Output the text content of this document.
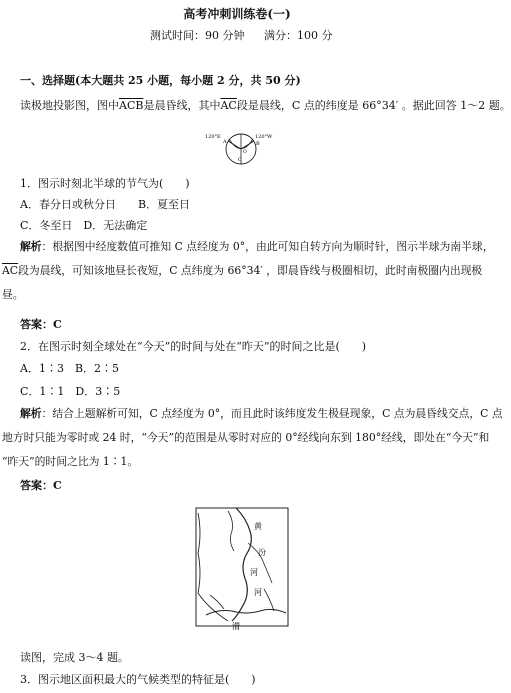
高考冲刺训练卷(一)
测试时间：90 分钟 满分：100 分
一、选择题(本大题共 25 小题，每小题 2 分，共 50 分)
读极地投影图，图中$\overline{ACB}$是晨昏线，其中$\overline{AC}$段是晨线，C 点的纬度是 66°34′ 。据此回答 1～2 题。
120°E	120°W
A	B
C
O
1．图示时刻北半球的节气为(　　)
A．春分日或秋分日　　B．夏至日
C．冬至日　D．无法确定
解析：根据图中经度数值可推知 C 点经度为 0°，由此可知自转方向为顺时针，图示半球为南半球，
$\overline{AC}$段为晨线，可知该地昼长夜短，C 点纬度为 66°34′ ，即晨昏线与极圈相切，此时南极圈内出现极
昼。
答案：C
2．在图示时刻全球处在“今天”的时间与处在“昨天”的时间之比是(　　)
A．1∶3　B．2∶5
C．1∶1　D．3∶5
解析：结合上题解析可知，C 点经度为 0°，而且此时该纬度发生极昼现象，C 点为晨昏线交点，C 点
地方时只能为零时或 24 时，“今天”的范围是从零时对应的 0°经线向东到 180°经线，即处在“今天”和
“昨天”的时间之比为 1∶1。
答案：C
黄
汾
河
河
渭
读图，完成 3～4 题。
3．图示地区面积最大的气候类型的特征是(　　)
